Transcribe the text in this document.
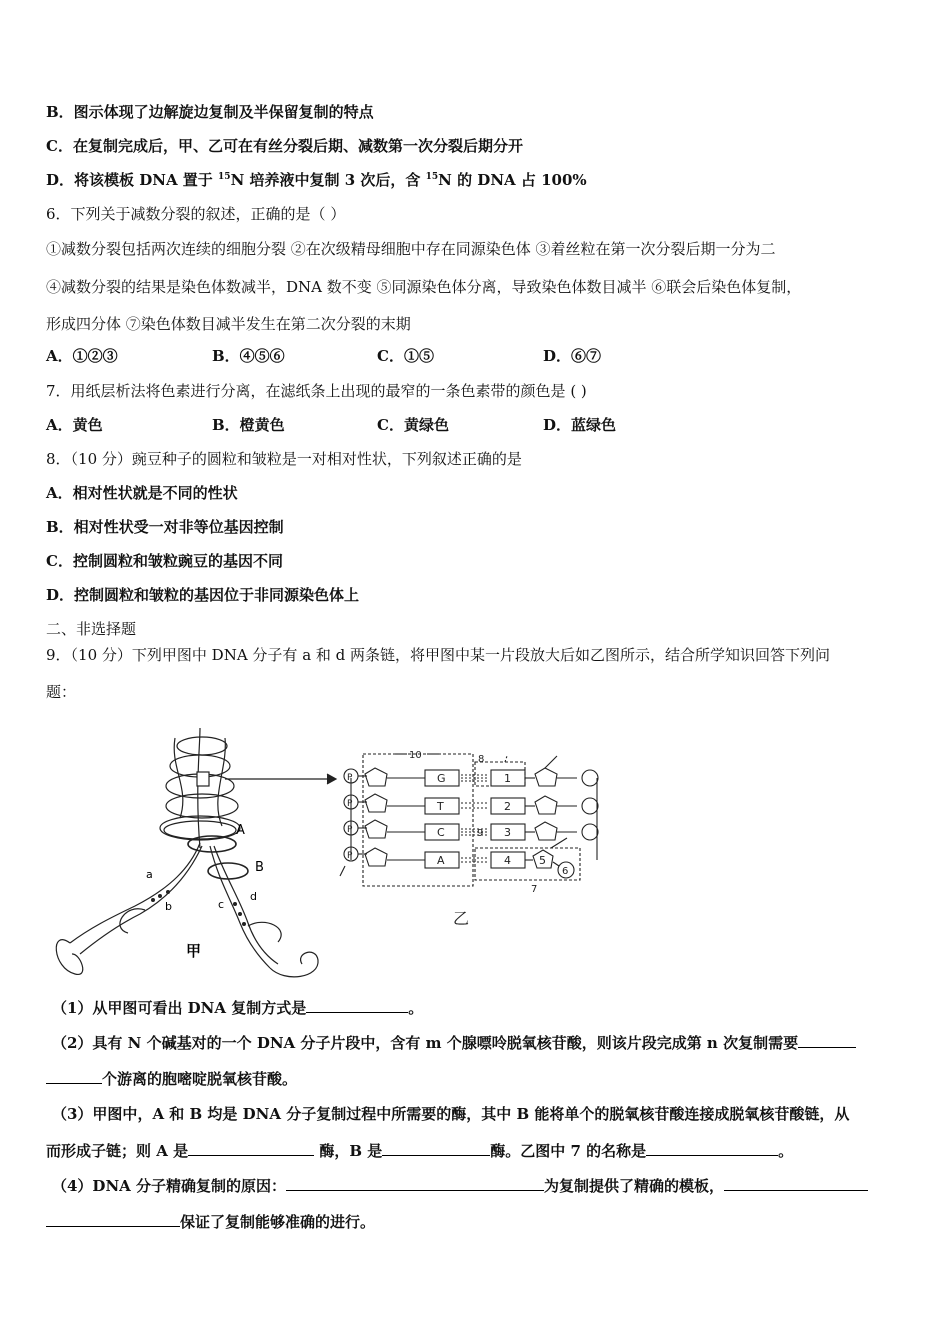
B．图示体现了边解旋边复制及半保留复制的特点
C．在复制完成后，甲、乙可在有丝分裂后期、减数第一次分裂后期分开
D．将该模板 DNA 置于 $^{15}$N 培养液中复制 3 次后，含 $^{15}$N 的 DNA 占 100%
6．下列关于减数分裂的叙述，正确的是（ ）
①减数分裂包括两次连续的细胞分裂 ②在次级精母细胞中存在同源染色体 ③着丝粒在第一次分裂后期一分为二
④减数分裂的结果是染色体数减半，DNA 数不变 ⑤同源染色体分离，导致染色体数目减半 ⑥联会后染色体复制，
形成四分体 ⑦染色体数目减半发生在第二次分裂的末期
A．①②③	B．④⑤⑥	C．①⑤	D．⑥⑦
7．用纸层析法将色素进行分离，在滤纸条上出现的最窄的一条色素带的颜色是 ( )
A．黄色	B．橙黄色	C．黄绿色	D．蓝绿色
8．（10 分）豌豆种子的圆粒和皱粒是一对相对性状，下列叙述正确的是
A．相对性状就是不同的性状
B．相对性状受一对非等位基因控制
C．控制圆粒和皱粒豌豆的基因不同
D．控制圆粒和皱粒的基因位于非同源染色体上
二、非选择题
9．（10 分）下列甲图中 DNA 分子有 a 和 d 两条链，将甲图中某一片段放大后如乙图所示，结合所学知识回答下列问
题：
A
B
a
b	c
d
甲
P
P
P
P
G
T
C
A
1
2
3
4	5
6
7
8
9
10
乙
（1）从甲图可看出 DNA 复制方式是	。
（2）具有 N 个碱基对的一个 DNA 分子片段中，含有 m 个腺嘌呤脱氧核苷酸，则该片段完成第 n 次复制需要
个游离的胞嘧啶脱氧核苷酸。
（3）甲图中，A 和 B 均是 DNA 分子复制过程中所需要的酶，其中 B 能将单个的脱氧核苷酸连接成脱氧核苷酸链，从
而形成子链；则 A 是	酶，B 是	酶。乙图中 7 的名称是	。
（4）DNA 分子精确复制的原因：	为复制提供了精确的模板，
保证了复制能够准确的进行。
